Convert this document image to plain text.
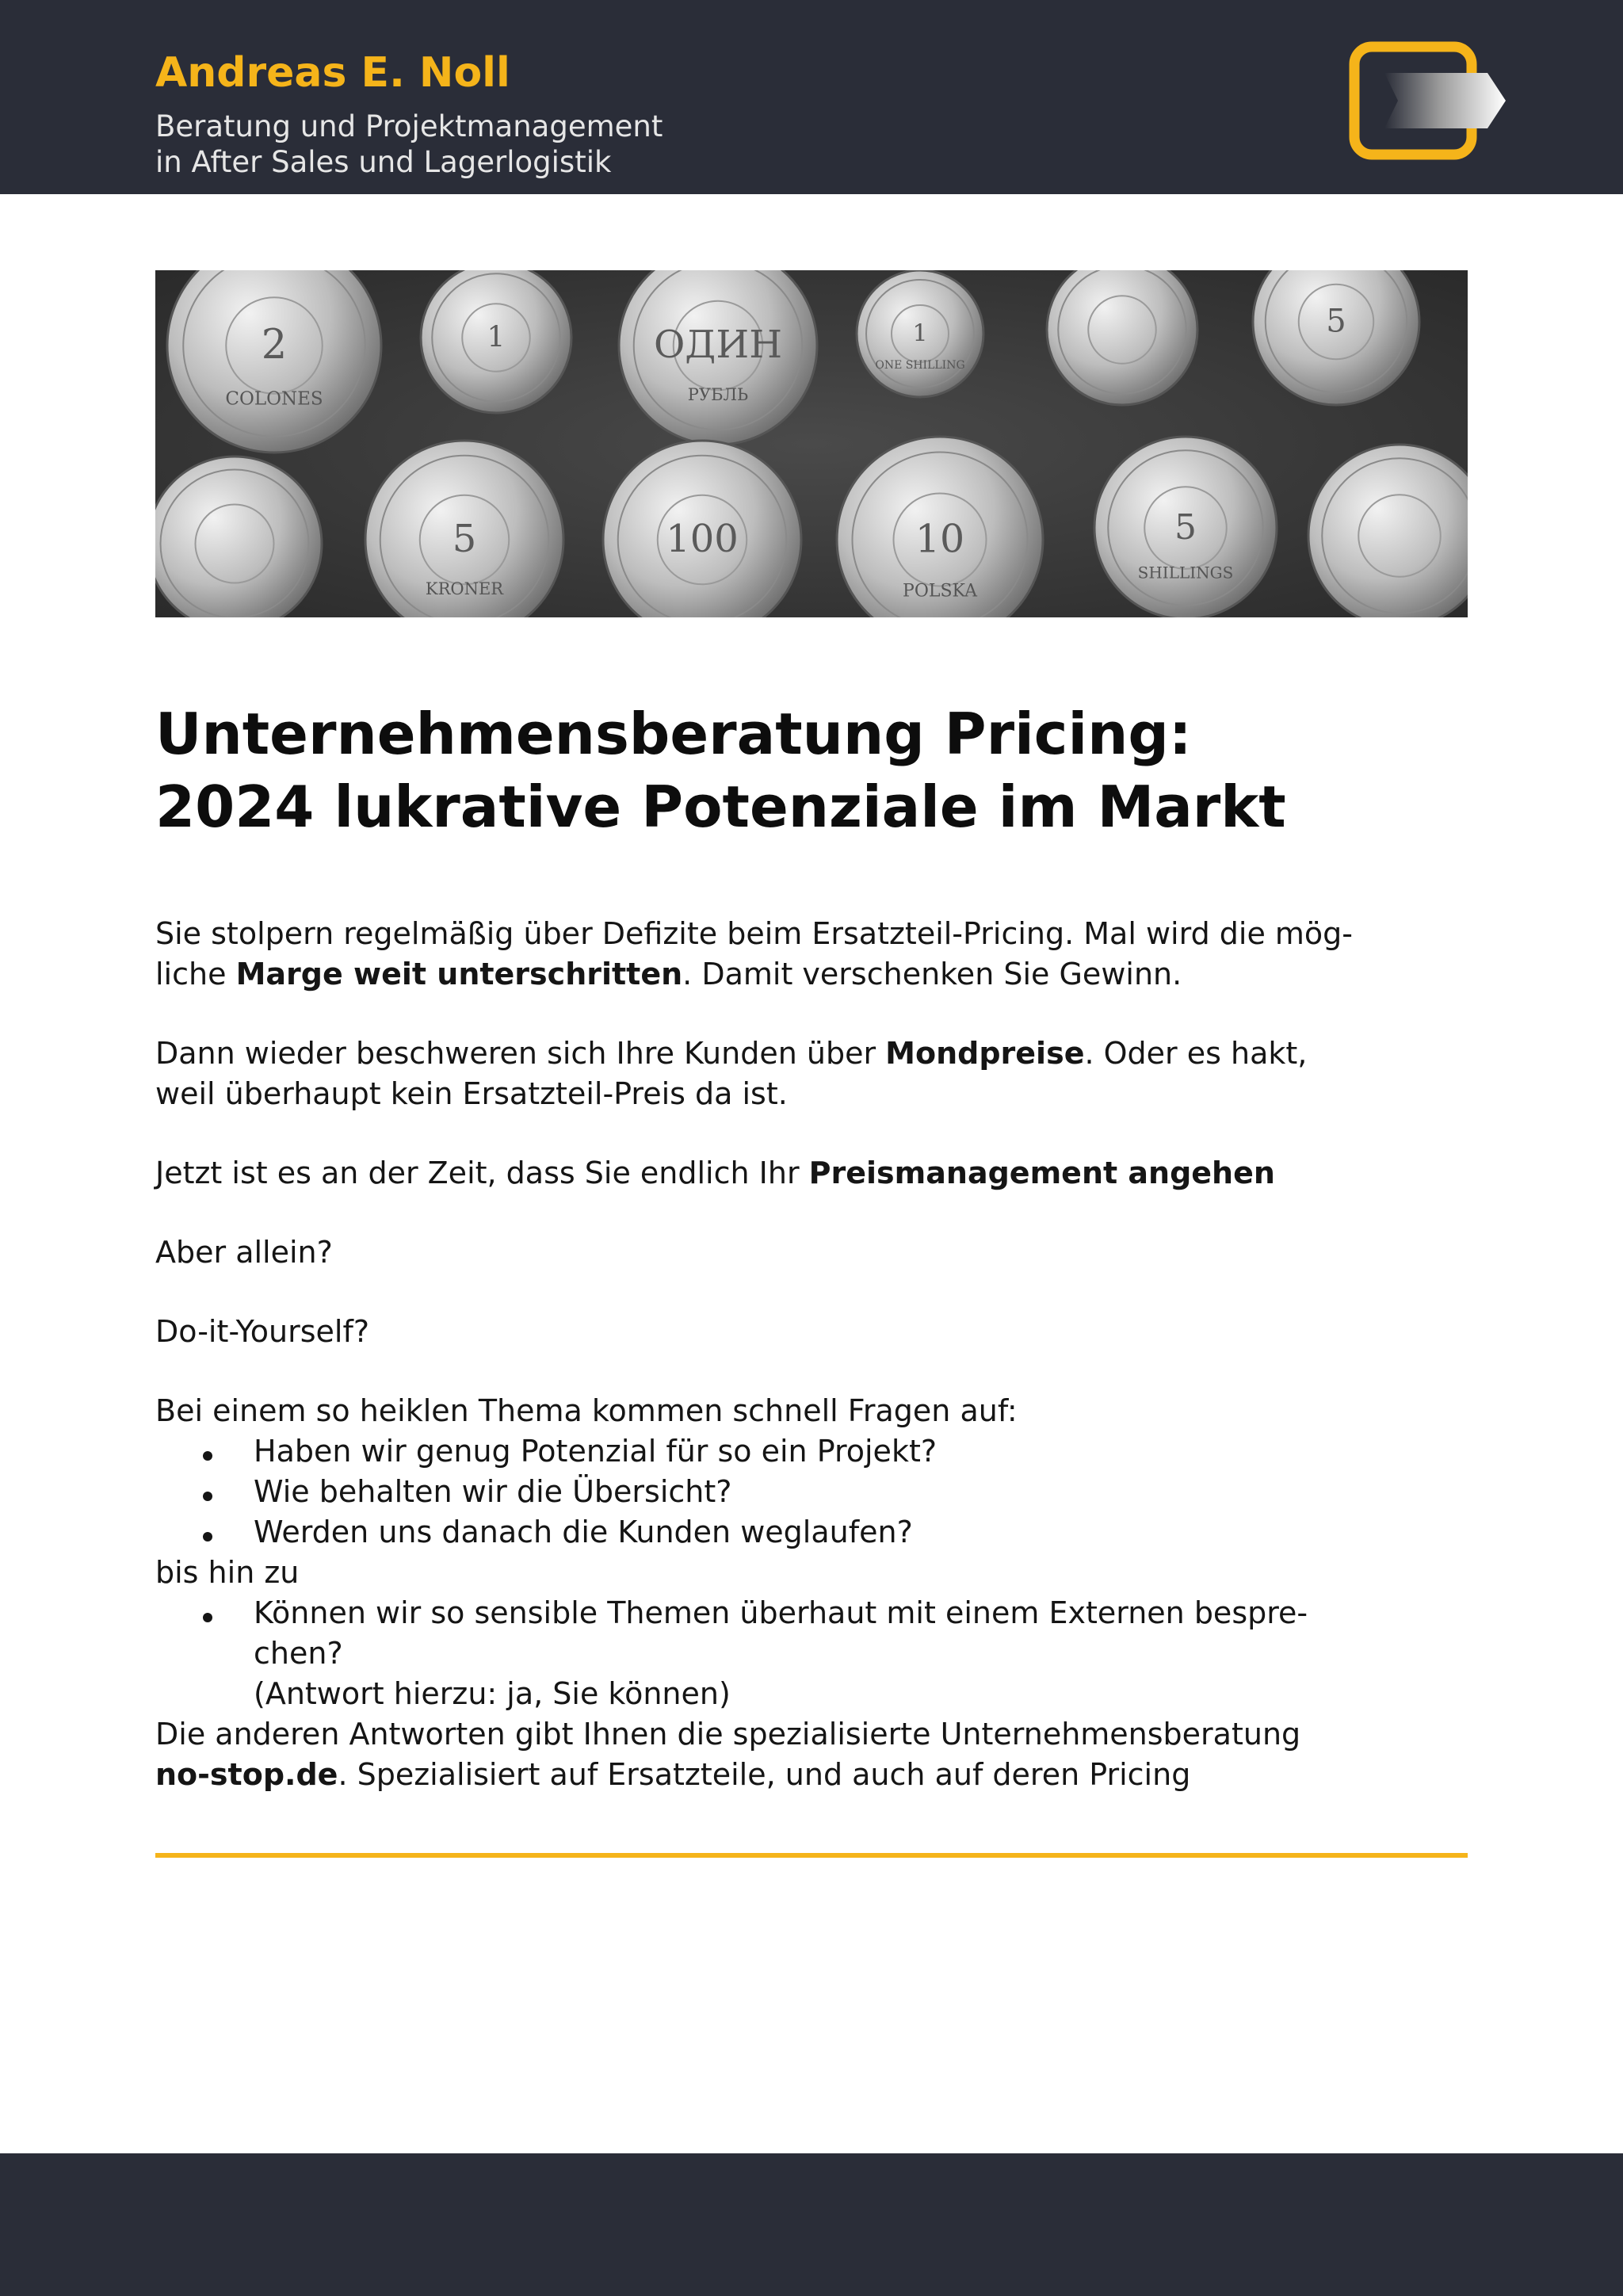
Andreas E. Noll
Beratung und Projektmanagement
in After Sales und Lagerlogistik
2
COLONES
1	ОДИН
РУБЛЬ
1
ONE SHILLING
5
5
KRONER
100	10
POLSKA
5
SHILLINGS
Unternehmensberatung Pricing:
2024 lukrative Potenziale im Markt
Sie stolpern regelmäßig über Defizite beim Ersatzteil-Pricing. Mal wird die mög-
liche Marge weit unterschritten. Damit verschenken Sie Gewinn.
Dann wieder beschweren sich Ihre Kunden über Mondpreise. Oder es hakt,
weil überhaupt kein Ersatzteil-Preis da ist.
Jetzt ist es an der Zeit, dass Sie endlich Ihr Preismanagement angehen
Aber allein?
Do-it-Yourself?
Bei einem so heiklen Thema kommen schnell Fragen auf:
Haben wir genug Potenzial für so ein Projekt?
Wie behalten wir die Übersicht?
Werden uns danach die Kunden weglaufen?
bis hin zu
Können wir so sensible Themen überhaut mit einem Externen bespre-
chen?
(Antwort hierzu: ja, Sie können)
Die anderen Antworten gibt Ihnen die spezialisierte Unternehmensberatung
no-stop.de. Spezialisiert auf Ersatzteile, und auch auf deren Pricing
